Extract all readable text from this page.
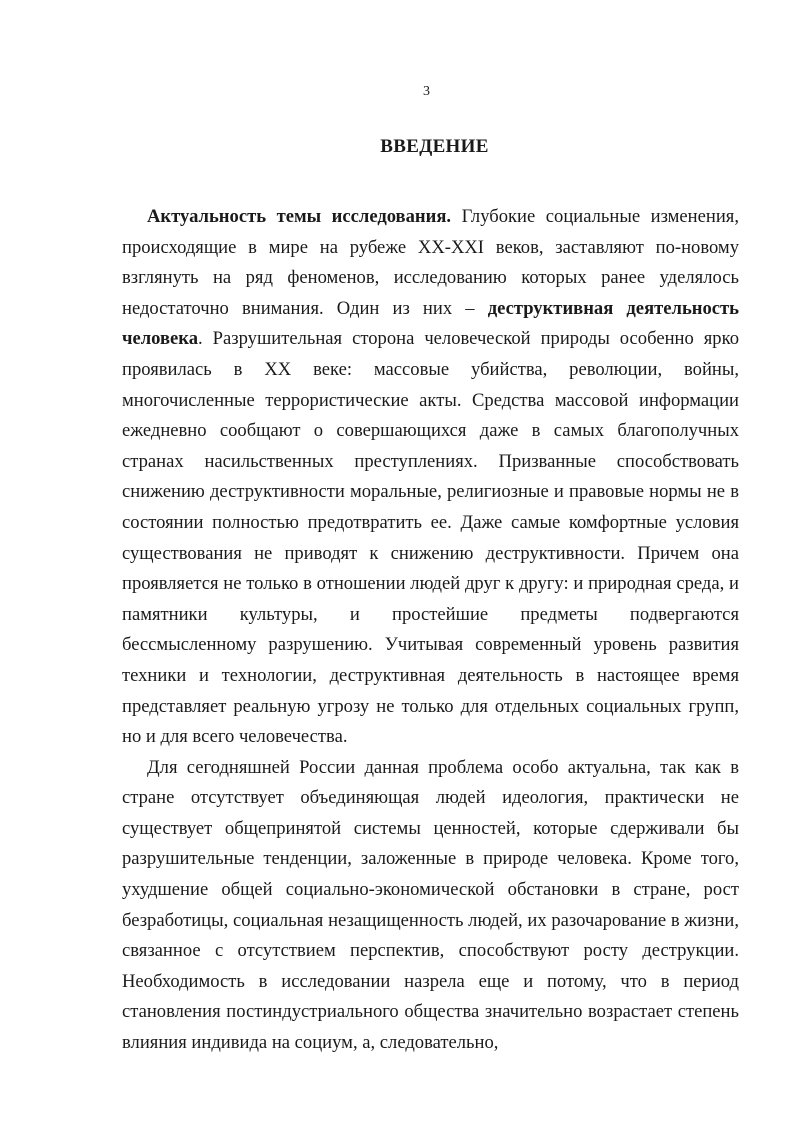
3
ВВЕДЕНИЕ

Актуальность темы исследования. Глубокие социальные изменения, происходящие в мире на рубеже XX-XXI веков, заставляют по-новому взглянуть на ряд феноменов, исследованию которых ранее уделялось недостаточно внимания. Один из них – деструктивная деятельность человека. Разрушительная сторона человеческой природы особенно ярко проявилась в XX веке: массовые убийства, революции, войны, многочисленные террористические акты. Средства массовой информации ежедневно сообщают о совершающихся даже в самых благополучных странах насильственных преступлениях. Призванные способствовать снижению деструктивности моральные, религиозные и правовые нормы не в состоянии полностью предотвратить ее. Даже самые комфортные условия существования не приводят к снижению деструктивности. Причем она проявляется не только в отношении людей друг к другу: и природная среда, и памятники культуры, и простейшие предметы подвергаются бессмысленному разрушению. Учитывая современный уровень развития техники и технологии, деструктивная деятельность в настоящее время представляет реальную угрозу не только для отдельных социальных групп, но и для всего человечества.

Для сегодняшней России данная проблема особо актуальна, так как в стране отсутствует объединяющая людей идеология, практически не существует общепринятой системы ценностей, которые сдерживали бы разрушительные тенденции, заложенные в природе человека. Кроме того, ухудшение общей социально-экономической обстановки в стране, рост безработицы, социальная незащищенность людей, их разочарование в жизни, связанное с отсутствием перспектив, способствуют росту деструкции. Необходимость в исследовании назрела еще и потому, что в период становления постиндустриального общества значительно возрастает степень влияния индивида на социум, а, следовательно,
